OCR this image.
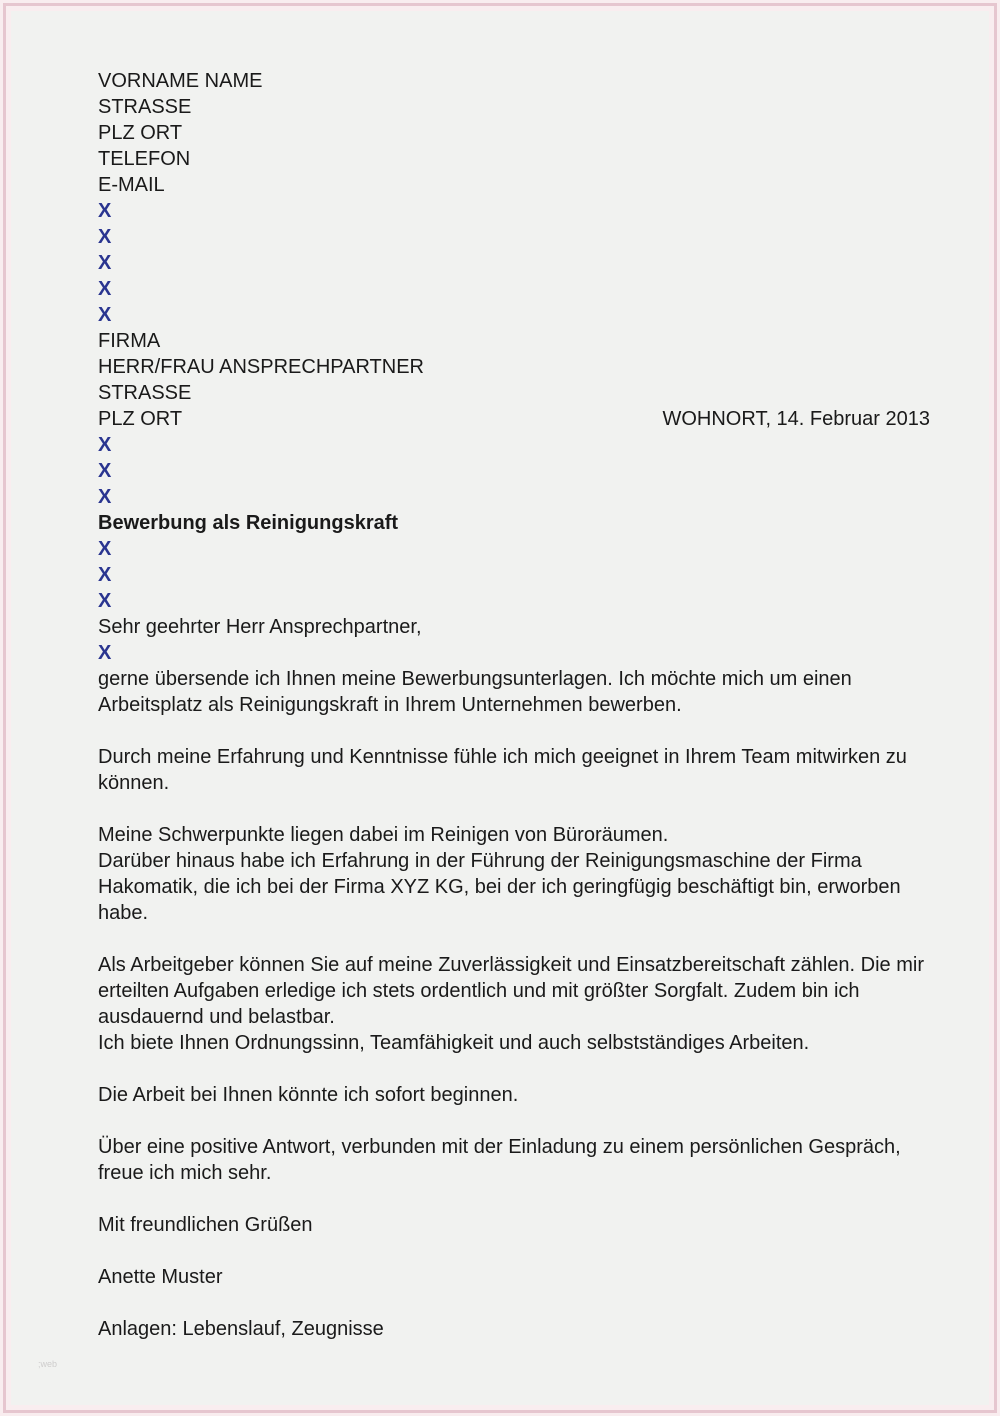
VORNAME NAME
STRASSE
PLZ ORT
TELEFON
E-MAIL
X
X
X
X
X
FIRMA
HERR/FRAU ANSPRECHPARTNER
STRASSE
PLZ ORT	WOHNORT, 14. Februar 2013
X
X
X
Bewerbung als Reinigungskraft
X
X
X
Sehr geehrter Herr Ansprechpartner,
X
gerne übersende ich Ihnen meine Bewerbungsunterlagen. Ich möchte mich um einen
Arbeitsplatz als Reinigungskraft in Ihrem Unternehmen bewerben.

Durch meine Erfahrung und Kenntnisse fühle ich mich geeignet in Ihrem Team mitwirken zu
können.

Meine Schwerpunkte liegen dabei im Reinigen von Büroräumen.
Darüber hinaus habe ich Erfahrung in der Führung der Reinigungsmaschine der Firma
Hakomatik, die ich bei der Firma XYZ KG, bei der ich geringfügig beschäftigt bin, erworben
habe.

Als Arbeitgeber können Sie auf meine Zuverlässigkeit und Einsatzbereitschaft zählen. Die mir
erteilten Aufgaben erledige ich stets ordentlich und mit größter Sorgfalt. Zudem bin ich
ausdauernd und belastbar.
Ich biete Ihnen Ordnungssinn, Teamfähigkeit und auch selbstständiges Arbeiten.

Die Arbeit bei Ihnen könnte ich sofort beginnen.

Über eine positive Antwort, verbunden mit der Einladung zu einem persönlichen Gespräch,
freue ich mich sehr.

Mit freundlichen Grüßen

Anette Muster

Anlagen: Lebenslauf, Zeugnisse
;web
